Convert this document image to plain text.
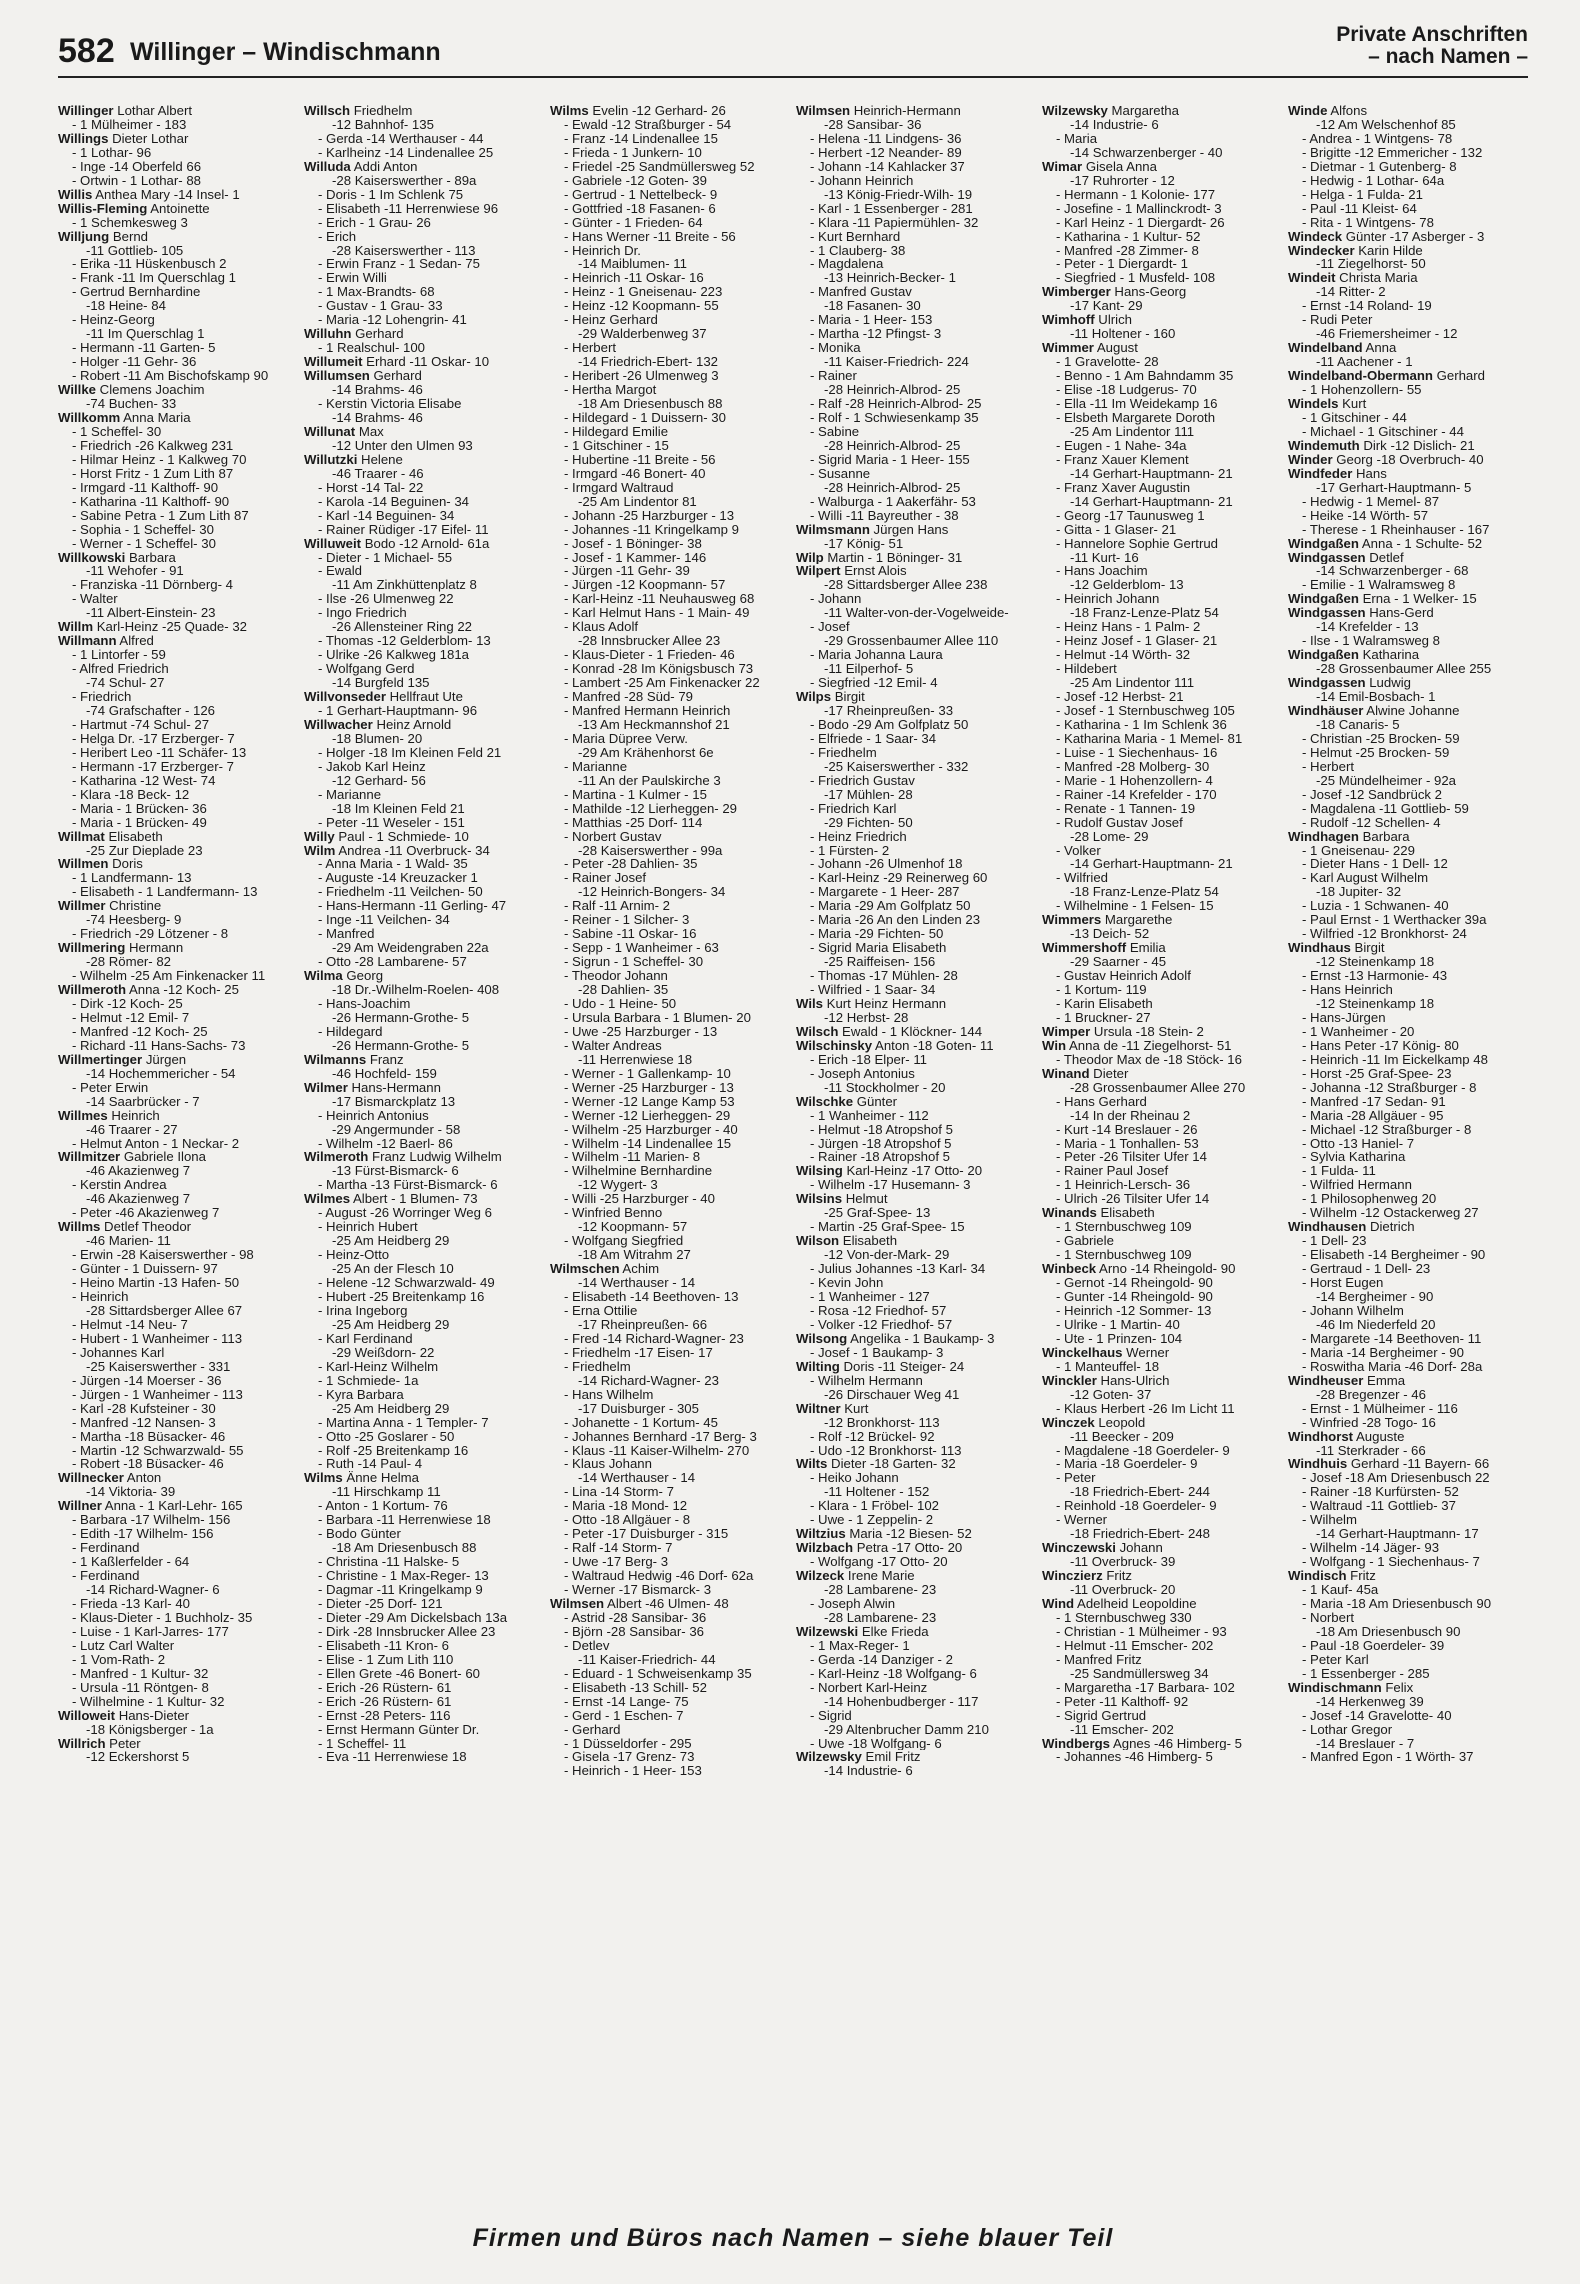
582 Willinger – Windischmann
Private Anschriften
– nach Namen –
Willinger Lothar Albert
- 1 Mülheimer - 183
Willings Dieter Lothar
- 1 Lothar- 96
- Inge -14 Oberfeld 66
- Ortwin - 1 Lothar- 88
Willis Anthea Mary -14 Insel- 1
Willis-Fleming Antoinette
- 1 Schemkesweg 3
Willjung Bernd
-11 Gottlieb- 105
- Erika -11 Hüskenbusch 2
- Frank -11 Im Querschlag 1
- Gertrud Bernhardine
-18 Heine- 84
- Heinz-Georg
-11 Im Querschlag 1
- Hermann -11 Garten- 5
- Holger -11 Gehr- 36
- Robert -11 Am Bischofskamp 90
Willke Clemens Joachim
-74 Buchen- 33
Willkomm Anna Maria
- 1 Scheffel- 30
- Friedrich -26 Kalkweg 231
- Hilmar Heinz - 1 Kalkweg 70
- Horst Fritz - 1 Zum Lith 87
- Irmgard -11 Kalthoff- 90
- Katharina -11 Kalthoff- 90
- Sabine Petra - 1 Zum Lith 87
- Sophia - 1 Scheffel- 30
- Werner - 1 Scheffel- 30
Willkowski Barbara
-11 Wehofer - 91
- Franziska -11 Dörnberg- 4
- Walter
-11 Albert-Einstein- 23
Willm Karl-Heinz -25 Quade- 32
Willmann Alfred
- 1 Lintorfer - 59
- Alfred Friedrich
-74 Schul- 27
- Friedrich
-74 Grafschafter - 126
- Hartmut -74 Schul- 27
- Helga Dr. -17 Erzberger- 7
- Heribert Leo -11 Schäfer- 13
- Hermann -17 Erzberger- 7
- Katharina -12 West- 74
- Klara -18 Beck- 12
- Maria - 1 Brücken- 36
- Maria - 1 Brücken- 49
Willmat Elisabeth
-25 Zur Dieplade 23
Willmen Doris
- 1 Landfermann- 13
- Elisabeth - 1 Landfermann- 13
Willmer Christine
-74 Heesberg- 9
- Friedrich -29 Lötzener - 8
Willmering Hermann
-28 Römer- 82
- Wilhelm -25 Am Finkenacker 11
Willmeroth Anna -12 Koch- 25
- Dirk -12 Koch- 25
- Helmut -12 Emil- 7
- Manfred -12 Koch- 25
- Richard -11 Hans-Sachs- 73
Willmertinger Jürgen
-14 Hochemmericher - 54
- Peter Erwin
-14 Saarbrücker - 7
Willmes Heinrich
-46 Traarer - 27
- Helmut Anton - 1 Neckar- 2
Willmitzer Gabriele Ilona
-46 Akazienweg 7
- Kerstin Andrea
-46 Akazienweg 7
- Peter -46 Akazienweg 7
Willms Detlef Theodor
-46 Marien- 11
- Erwin -28 Kaiserswerther - 98
- Günter - 1 Duissern- 97
- Heino Martin -13 Hafen- 50
- Heinrich
-28 Sittardsberger Allee 67
- Helmut -14 Neu- 7
- Hubert - 1 Wanheimer - 113
- Johannes Karl
-25 Kaiserswerther - 331
- Jürgen -14 Moerser - 36
- Jürgen - 1 Wanheimer - 113
- Karl -28 Kufsteiner - 30
- Manfred -12 Nansen- 3
- Martha -18 Büsacker- 46
- Martin -12 Schwarzwald- 55
- Robert -18 Büsacker- 46
Willnecker Anton
-14 Viktoria- 39
Willner Anna - 1 Karl-Lehr- 165
- Barbara -17 Wilhelm- 156
- Edith -17 Wilhelm- 156
- Ferdinand
- 1 Kaßlerfelder - 64
- Ferdinand
-14 Richard-Wagner- 6
- Frieda -13 Karl- 40
- Klaus-Dieter - 1 Buchholz- 35
- Luise - 1 Karl-Jarres- 177
- Lutz Carl Walter
- 1 Vom-Rath- 2
- Manfred - 1 Kultur- 32
- Ursula -11 Röntgen- 8
- Wilhelmine - 1 Kultur- 32
Willoweit Hans-Dieter
-18 Königsberger - 1a
Willrich Peter
-12 Eckershorst 5
Willsch Friedhelm
-12 Bahnhof- 135
- Gerda -14 Werthauser - 44
- Karlheinz -14 Lindenallee 25
Willuda Addi Anton
-28 Kaiserswerther - 89a
- Doris - 1 Im Schlenk 75
- Elisabeth -11 Herrenwiese 96
- Erich - 1 Grau- 26
- Erich
-28 Kaiserswerther - 113
- Erwin Franz - 1 Sedan- 75
- Erwin Willi
- 1 Max-Brandts- 68
- Gustav - 1 Grau- 33
- Maria -12 Lohengrin- 41
Willuhn Gerhard
- 1 Realschul- 100
Willumeit Erhard -11 Oskar- 10
Willumsen Gerhard
-14 Brahms- 46
- Kerstin Victoria Elisabe
-14 Brahms- 46
Willunat Max
-12 Unter den Ulmen 93
Willutzki Helene
-46 Traarer - 46
- Horst -14 Tal- 22
- Karola -14 Beguinen- 34
- Karl -14 Beguinen- 34
- Rainer Rüdiger -17 Eifel- 11
Willuweit Bodo -12 Arnold- 61a
- Dieter - 1 Michael- 55
- Ewald
-11 Am Zinkhüttenplatz 8
- Ilse -26 Ulmenweg 22
- Ingo Friedrich
-26 Allensteiner Ring 22
- Thomas -12 Gelderblom- 13
- Ulrike -26 Kalkweg 181a
- Wolfgang Gerd
-14 Burgfeld 135
Willvonseder Hellfraut Ute
- 1 Gerhart-Hauptmann- 96
Willwacher Heinz Arnold
-18 Blumen- 20
- Holger -18 Im Kleinen Feld 21
- Jakob Karl Heinz
-12 Gerhard- 56
- Marianne
-18 Im Kleinen Feld 21
- Peter -11 Weseler - 151
Willy Paul - 1 Schmiede- 10
Wilm Andrea -11 Overbruck- 34
- Anna Maria - 1 Wald- 35
- Auguste -14 Kreuzacker 1
- Friedhelm -11 Veilchen- 50
- Hans-Hermann -11 Gerling- 47
- Inge -11 Veilchen- 34
- Manfred
-29 Am Weidengraben 22a
- Otto -28 Lambarene- 57
Wilma Georg
-18 Dr.-Wilhelm-Roelen- 408
- Hans-Joachim
-26 Hermann-Grothe- 5
- Hildegard
-26 Hermann-Grothe- 5
Wilmanns Franz
-46 Hochfeld- 159
Wilmer Hans-Hermann
-17 Bismarckplatz 13
- Heinrich Antonius
-29 Angermunder - 58
- Wilhelm -12 Baerl- 86
Wilmeroth Franz Ludwig Wilhelm
-13 Fürst-Bismarck- 6
- Martha -13 Fürst-Bismarck- 6
Wilmes Albert - 1 Blumen- 73
- August -26 Worringer Weg 6
- Heinrich Hubert
-25 Am Heidberg 29
- Heinz-Otto
-25 An der Flesch 10
- Helene -12 Schwarzwald- 49
- Hubert -25 Breitenkamp 16
- Irina Ingeborg
-25 Am Heidberg 29
- Karl Ferdinand
-29 Weißdorn- 22
- Karl-Heinz Wilhelm
- 1 Schmiede- 1a
- Kyra Barbara
-25 Am Heidberg 29
- Martina Anna - 1 Templer- 7
- Otto -25 Goslarer - 50
- Rolf -25 Breitenkamp 16
- Ruth -14 Paul- 4
Wilms Änne Helma
-11 Hirschkamp 11
- Anton - 1 Kortum- 76
- Barbara -11 Herrenwiese 18
- Bodo Günter
-18 Am Driesenbusch 88
- Christina -11 Halske- 5
- Christine - 1 Max-Reger- 13
- Dagmar -11 Kringelkamp 9
- Dieter -25 Dorf- 121
- Dieter -29 Am Dickelsbach 13a
- Dirk -28 Innsbrucker Allee 23
- Elisabeth -11 Kron- 6
- Elise - 1 Zum Lith 110
- Ellen Grete -46 Bonert- 60
- Erich -26 Rüstern- 61
- Erich -26 Rüstern- 61
- Ernst -28 Peters- 116
- Ernst Hermann Günter Dr.
- 1 Scheffel- 11
- Eva -11 Herrenwiese 18
Wilms Evelin -12 Gerhard- 26
- Ewald -12 Straßburger - 54
- Franz -14 Lindenallee 15
- Frieda - 1 Junkern- 10
- Friedel -25 Sandmüllersweg 52
- Gabriele -12 Goten- 39
- Gertrud - 1 Nettelbeck- 9
- Gottfried -18 Fasanen- 6
- Günter - 1 Frieden- 64
- Hans Werner -11 Breite - 56
- Heinrich Dr.
-14 Maiblumen- 11
- Heinrich -11 Oskar- 16
- Heinz - 1 Gneisenau- 223
- Heinz -12 Koopmann- 55
- Heinz Gerhard
-29 Walderbenweg 37
- Herbert
-14 Friedrich-Ebert- 132
- Heribert -26 Ulmenweg 3
- Hertha Margot
-18 Am Driesenbusch 88
- Hildegard - 1 Duissern- 30
- Hildegard Emilie
- 1 Gitschiner - 15
- Hubertine -11 Breite - 56
- Irmgard -46 Bonert- 40
- Irmgard Waltraud
-25 Am Lindentor 81
- Johann -25 Harzburger - 13
- Johannes -11 Kringelkamp 9
- Josef - 1 Böninger- 38
- Josef - 1 Kammer- 146
- Jürgen -11 Gehr- 39
- Jürgen -12 Koopmann- 57
- Karl-Heinz -11 Neuhausweg 68
- Karl Helmut Hans - 1 Main- 49
- Klaus Adolf
-28 Innsbrucker Allee 23
- Klaus-Dieter - 1 Frieden- 46
- Konrad -28 Im Königsbusch 73
- Lambert -25 Am Finkenacker 22
- Manfred -28 Süd- 79
- Manfred Hermann Heinrich
-13 Am Heckmannshof 21
- Maria Düpree Verw.
-29 Am Krähenhorst 6e
- Marianne
-11 An der Paulskirche 3
- Martina - 1 Kulmer - 15
- Mathilde -12 Lierheggen- 29
- Matthias -25 Dorf- 114
- Norbert Gustav
-28 Kaiserswerther - 99a
- Peter -28 Dahlien- 35
- Rainer Josef
-12 Heinrich-Bongers- 34
- Ralf -11 Arnim- 2
- Reiner - 1 Silcher- 3
- Sabine -11 Oskar- 16
- Sepp - 1 Wanheimer - 63
- Sigrun - 1 Scheffel- 30
- Theodor Johann
-28 Dahlien- 35
- Udo - 1 Heine- 50
- Ursula Barbara - 1 Blumen- 20
- Uwe -25 Harzburger - 13
- Walter Andreas
-11 Herrenwiese 18
- Werner - 1 Gallenkamp- 10
- Werner -25 Harzburger - 13
- Werner -12 Lange Kamp 53
- Werner -12 Lierheggen- 29
- Wilhelm -25 Harzburger - 40
- Wilhelm -14 Lindenallee 15
- Wilhelm -11 Marien- 8
- Wilhelmine Bernhardine
-12 Wygert- 3
- Willi -25 Harzburger - 40
- Winfried Benno
-12 Koopmann- 57
- Wolfgang Siegfried
-18 Am Witrahm 27
Wilmschen Achim
-14 Werthauser - 14
- Elisabeth -14 Beethoven- 13
- Erna Ottilie
-17 Rheinpreußen- 66
- Fred -14 Richard-Wagner- 23
- Friedhelm -17 Eisen- 17
- Friedhelm
-14 Richard-Wagner- 23
- Hans Wilhelm
-17 Duisburger - 305
- Johanette - 1 Kortum- 45
- Johannes Bernhard -17 Berg- 3
- Klaus -11 Kaiser-Wilhelm- 270
- Klaus Johann
-14 Werthauser - 14
- Lina -14 Storm- 7
- Maria -18 Mond- 12
- Otto -18 Allgäuer - 8
- Peter -17 Duisburger - 315
- Ralf -14 Storm- 7
- Uwe -17 Berg- 3
- Waltraud Hedwig -46 Dorf- 62a
- Werner -17 Bismarck- 3
Wilmsen Albert -46 Ulmen- 48
- Astrid -28 Sansibar- 36
- Björn -28 Sansibar- 36
- Detlev
-11 Kaiser-Friedrich- 44
- Eduard - 1 Schweisenkamp 35
- Elisabeth -13 Schill- 52
- Ernst -14 Lange- 75
- Gerd - 1 Eschen- 7
- Gerhard
- 1 Düsseldorfer - 295
- Gisela -17 Grenz- 73
- Heinrich - 1 Heer- 153
Wilmsen Heinrich-Hermann
-28 Sansibar- 36
- Helena -11 Lindgens- 36
- Herbert -12 Neander- 89
- Johann -14 Kahlacker 37
- Johann Heinrich
-13 König-Friedr-Wilh- 19
- Karl - 1 Essenberger - 281
- Klara -11 Papiermühlen- 32
- Kurt Bernhard
- 1 Clauberg- 38
- Magdalena
-13 Heinrich-Becker- 1
- Manfred Gustav
-18 Fasanen- 30
- Maria - 1 Heer- 153
- Martha -12 Pfingst- 3
- Monika
-11 Kaiser-Friedrich- 224
- Rainer
-28 Heinrich-Albrod- 25
- Ralf -28 Heinrich-Albrod- 25
- Rolf - 1 Schwiesenkamp 35
- Sabine
-28 Heinrich-Albrod- 25
- Sigrid Maria - 1 Heer- 155
- Susanne
-28 Heinrich-Albrod- 25
- Walburga - 1 Aakerfähr- 53
- Willi -11 Bayreuther - 38
Wilmsmann Jürgen Hans
-17 König- 51
Wilp Martin - 1 Böninger- 31
Wilpert Ernst Alois
-28 Sittardsberger Allee 238
- Johann
-11 Walter-von-der-Vogelweide-
- Josef
-29 Grossenbaumer Allee 110
- Maria Johanna Laura
-11 Eilperhof- 5
- Siegfried -12 Emil- 4
Wilps Birgit
-17 Rheinpreußen- 33
- Bodo -29 Am Golfplatz 50
- Elfriede - 1 Saar- 34
- Friedhelm
-25 Kaiserswerther - 332
- Friedrich Gustav
-17 Mühlen- 28
- Friedrich Karl
-29 Fichten- 50
- Heinz Friedrich
- 1 Fürsten- 2
- Johann -26 Ulmenhof 18
- Karl-Heinz -29 Reinerweg 60
- Margarete - 1 Heer- 287
- Maria -29 Am Golfplatz 50
- Maria -26 An den Linden 23
- Maria -29 Fichten- 50
- Sigrid Maria Elisabeth
-25 Raiffeisen- 156
- Thomas -17 Mühlen- 28
- Wilfried - 1 Saar- 34
Wils Kurt Heinz Hermann
-12 Herbst- 28
Wilsch Ewald - 1 Klöckner- 144
Wilschinsky Anton -18 Goten- 11
- Erich -18 Elper- 11
- Joseph Antonius
-11 Stockholmer - 20
Wilschke Günter
- 1 Wanheimer - 112
- Helmut -18 Atropshof 5
- Jürgen -18 Atropshof 5
- Rainer -18 Atropshof 5
Wilsing Karl-Heinz -17 Otto- 20
- Wilhelm -17 Husemann- 3
Wilsins Helmut
-25 Graf-Spee- 13
- Martin -25 Graf-Spee- 15
Wilson Elisabeth
-12 Von-der-Mark- 29
- Julius Johannes -13 Karl- 34
- Kevin John
- 1 Wanheimer - 127
- Rosa -12 Friedhof- 57
- Volker -12 Friedhof- 57
Wilsong Angelika - 1 Baukamp- 3
- Josef - 1 Baukamp- 3
Wilting Doris -11 Steiger- 24
- Wilhelm Hermann
-26 Dirschauer Weg 41
Wiltner Kurt
-12 Bronkhorst- 113
- Rolf -12 Brückel- 92
- Udo -12 Bronkhorst- 113
Wilts Dieter -18 Garten- 32
- Heiko Johann
-11 Holtener - 152
- Klara - 1 Fröbel- 102
- Uwe - 1 Zeppelin- 2
Wiltzius Maria -12 Biesen- 52
Wilzbach Petra -17 Otto- 20
- Wolfgang -17 Otto- 20
Wilzeck Irene Marie
-28 Lambarene- 23
- Joseph Alwin
-28 Lambarene- 23
Wilzewski Elke Frieda
- 1 Max-Reger- 1
- Gerda -14 Danziger - 2
- Karl-Heinz -18 Wolfgang- 6
- Norbert Karl-Heinz
-14 Hohenbudberger - 117
- Sigrid
-29 Altenbrucher Damm 210
- Uwe -18 Wolfgang- 6
Wilzewsky Emil Fritz
-14 Industrie- 6
Wilzewsky Margaretha
-14 Industrie- 6
- Maria
-14 Schwarzenberger - 40
Wimar Gisela Anna
-17 Ruhrorter - 12
- Hermann - 1 Kolonie- 177
- Josefine - 1 Mallinckrodt- 3
- Karl Heinz - 1 Diergardt- 26
- Katharina - 1 Kultur- 52
- Manfred -28 Zimmer- 8
- Peter - 1 Diergardt- 1
- Siegfried - 1 Musfeld- 108
Wimberger Hans-Georg
-17 Kant- 29
Wimhoff Ulrich
-11 Holtener - 160
Wimmer August
- 1 Gravelotte- 28
- Benno - 1 Am Bahndamm 35
- Elise -18 Ludgerus- 70
- Ella -11 Im Weidekamp 16
- Elsbeth Margarete Doroth
-25 Am Lindentor 111
- Eugen - 1 Nahe- 34a
- Franz Xauer Klement
-14 Gerhart-Hauptmann- 21
- Franz Xaver Augustin
-14 Gerhart-Hauptmann- 21
- Georg -17 Taunusweg 1
- Gitta - 1 Glaser- 21
- Hannelore Sophie Gertrud
-11 Kurt- 16
- Hans Joachim
-12 Gelderblom- 13
- Heinrich Johann
-18 Franz-Lenze-Platz 54
- Heinz Hans - 1 Palm- 2
- Heinz Josef - 1 Glaser- 21
- Helmut -14 Wörth- 32
- Hildebert
-25 Am Lindentor 111
- Josef -12 Herbst- 21
- Josef - 1 Sternbuschweg 105
- Katharina - 1 Im Schlenk 36
- Katharina Maria - 1 Memel- 81
- Luise - 1 Siechenhaus- 16
- Manfred -28 Molberg- 30
- Marie - 1 Hohenzollern- 4
- Rainer -14 Krefelder - 170
- Renate - 1 Tannen- 19
- Rudolf Gustav Josef
-28 Lome- 29
- Volker
-14 Gerhart-Hauptmann- 21
- Wilfried
-18 Franz-Lenze-Platz 54
- Wilhelmine - 1 Felsen- 15
Wimmers Margarethe
-13 Deich- 52
Wimmershoff Emilia
-29 Saarner - 45
- Gustav Heinrich Adolf
- 1 Kortum- 119
- Karin Elisabeth
- 1 Bruckner- 27
Wimper Ursula -18 Stein- 2
Win Anna de -11 Ziegelhorst- 51
- Theodor Max de -18 Stöck- 16
Winand Dieter
-28 Grossenbaumer Allee 270
- Hans Gerhard
-14 In der Rheinau 2
- Kurt -14 Breslauer - 26
- Maria - 1 Tonhallen- 53
- Peter -26 Tilsiter Ufer 14
- Rainer Paul Josef
- 1 Heinrich-Lersch- 36
- Ulrich -26 Tilsiter Ufer 14
Winands Elisabeth
- 1 Sternbuschweg 109
- Gabriele
- 1 Sternbuschweg 109
Winbeck Arno -14 Rheingold- 90
- Gernot -14 Rheingold- 90
- Gunter -14 Rheingold- 90
- Heinrich -12 Sommer- 13
- Ulrike - 1 Martin- 40
- Ute - 1 Prinzen- 104
Winckelhaus Werner
- 1 Manteuffel- 18
Winckler Hans-Ulrich
-12 Goten- 37
- Klaus Herbert -26 Im Licht 11
Winczek Leopold
-11 Beecker - 209
- Magdalene -18 Goerdeler- 9
- Maria -18 Goerdeler- 9
- Peter
-18 Friedrich-Ebert- 244
- Reinhold -18 Goerdeler- 9
- Werner
-18 Friedrich-Ebert- 248
Winczewski Johann
-11 Overbruck- 39
Winczierz Fritz
-11 Overbruck- 20
Wind Adelheid Leopoldine
- 1 Sternbuschweg 330
- Christian - 1 Mülheimer - 93
- Helmut -11 Emscher- 202
- Manfred Fritz
-25 Sandmüllersweg 34
- Margaretha -17 Barbara- 102
- Peter -11 Kalthoff- 92
- Sigrid Gertrud
-11 Emscher- 202
Windbergs Agnes -46 Himberg- 5
- Johannes -46 Himberg- 5
Winde Alfons
-12 Am Welschenhof 85
- Andrea - 1 Wintgens- 78
- Brigitte -12 Emmericher - 132
- Dietmar - 1 Gutenberg- 8
- Hedwig - 1 Lothar- 64a
- Helga - 1 Fulda- 21
- Paul -11 Kleist- 64
- Rita - 1 Wintgens- 78
Windeck Günter -17 Asberger - 3
Windecker Karin Hilde
-11 Ziegelhorst- 50
Windeit Christa Maria
-14 Ritter- 2
- Ernst -14 Roland- 19
- Rudi Peter
-46 Friemersheimer - 12
Windelband Anna
-11 Aachener - 1
Windelband-Obermann Gerhard
- 1 Hohenzollern- 55
Windels Kurt
- 1 Gitschiner - 44
- Michael - 1 Gitschiner - 44
Windemuth Dirk -12 Dislich- 21
Winder Georg -18 Overbruch- 40
Windfeder Hans
-17 Gerhart-Hauptmann- 5
- Hedwig - 1 Memel- 87
- Heike -14 Wörth- 57
- Therese - 1 Rheinhauser - 167
Windgaßen Anna - 1 Schulte- 52
Windgassen Detlef
-14 Schwarzenberger - 68
- Emilie - 1 Walramsweg 8
Windgaßen Erna - 1 Welker- 15
Windgassen Hans-Gerd
-14 Krefelder - 13
- Ilse - 1 Walramsweg 8
Windgaßen Katharina
-28 Grossenbaumer Allee 255
Windgassen Ludwig
-14 Emil-Bosbach- 1
Windhäuser Alwine Johanne
-18 Canaris- 5
- Christian -25 Brocken- 59
- Helmut -25 Brocken- 59
- Herbert
-25 Mündelheimer - 92a
- Josef -12 Sandbrück 2
- Magdalena -11 Gottlieb- 59
- Rudolf -12 Schellen- 4
Windhagen Barbara
- 1 Gneisenau- 229
- Dieter Hans - 1 Dell- 12
- Karl August Wilhelm
-18 Jupiter- 32
- Luzia - 1 Schwanen- 40
- Paul Ernst - 1 Werthacker 39a
- Wilfried -12 Bronkhorst- 24
Windhaus Birgit
-12 Steinenkamp 18
- Ernst -13 Harmonie- 43
- Hans Heinrich
-12 Steinenkamp 18
- Hans-Jürgen
- 1 Wanheimer - 20
- Hans Peter -17 König- 80
- Heinrich -11 Im Eickelkamp 48
- Horst -25 Graf-Spee- 23
- Johanna -12 Straßburger - 8
- Manfred -17 Sedan- 91
- Maria -28 Allgäuer - 95
- Michael -12 Straßburger - 8
- Otto -13 Haniel- 7
- Sylvia Katharina
- 1 Fulda- 11
- Wilfried Hermann
- 1 Philosophenweg 20
- Wilhelm -12 Ostackerweg 27
Windhausen Dietrich
- 1 Dell- 23
- Elisabeth -14 Bergheimer - 90
- Gertraud - 1 Dell- 23
- Horst Eugen
-14 Bergheimer - 90
- Johann Wilhelm
-46 Im Niederfeld 20
- Margarete -14 Beethoven- 11
- Maria -14 Bergheimer - 90
- Roswitha Maria -46 Dorf- 28a
Windheuser Emma
-28 Bregenzer - 46
- Ernst - 1 Mülheimer - 116
- Winfried -28 Togo- 16
Windhorst Auguste
-11 Sterkrader - 66
Windhuis Gerhard -11 Bayern- 66
- Josef -18 Am Driesenbusch 22
- Rainer -18 Kurfürsten- 52
- Waltraud -11 Gottlieb- 37
- Wilhelm
-14 Gerhart-Hauptmann- 17
- Wilhelm -14 Jäger- 93
- Wolfgang - 1 Siechenhaus- 7
Windisch Fritz
- 1 Kauf- 45a
- Maria -18 Am Driesenbusch 90
- Norbert
-18 Am Driesenbusch 90
- Paul -18 Goerdeler- 39
- Peter Karl
- 1 Essenberger - 285
Windischmann Felix
-14 Herkenweg 39
- Josef -14 Gravelotte- 40
- Lothar Gregor
-14 Breslauer - 7
- Manfred Egon - 1 Wörth- 37
Firmen und Büros nach Namen – siehe blauer Teil
